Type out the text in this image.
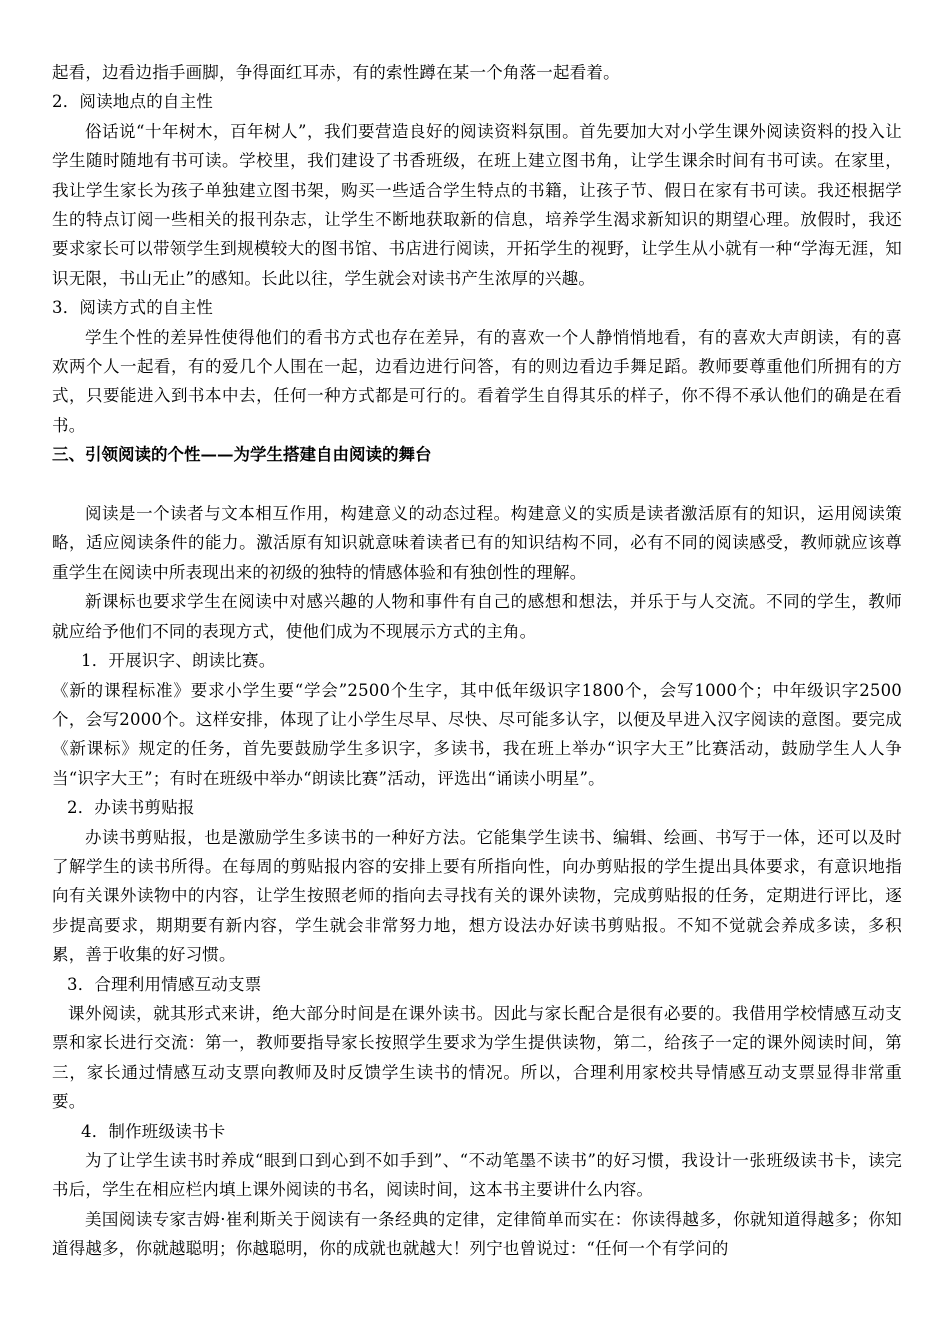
起看，边看边指手画脚，争得面红耳赤，有的索性蹲在某一个角落一起看着。

2．阅读地点的自主性

俗话说“十年树木，百年树人”，我们要营造良好的阅读资料氛围。首先要加大对小学生课外阅读资料的投入让学生随时随地有书可读。学校里，我们建设了书香班级，在班上建立图书角，让学生课余时间有书可读。在家里，我让学生家长为孩子单独建立图书架，购买一些适合学生特点的书籍，让孩子节、假日在家有书可读。我还根据学生的特点订阅一些相关的报刊杂志，让学生不断地获取新的信息，培养学生渴求新知识的期望心理。放假时，我还要求家长可以带领学生到规模较大的图书馆、书店进行阅读，开拓学生的视野，让学生从小就有一种“学海无涯，知识无限，书山无止”的感知。长此以往，学生就会对读书产生浓厚的兴趣。

3．阅读方式的自主性

学生个性的差异性使得他们的看书方式也存在差异，有的喜欢一个人静悄悄地看，有的喜欢大声朗读，有的喜欢两个人一起看，有的爱几个人围在一起，边看边进行问答，有的则边看边手舞足蹈。教师要尊重他们所拥有的方式，只要能进入到书本中去，任何一种方式都是可行的。看着学生自得其乐的样子，你不得不承认他们的确是在看书。

三、引领阅读的个性——为学生搭建自由阅读的舞台

阅读是一个读者与文本相互作用，构建意义的动态过程。构建意义的实质是读者激活原有的知识，运用阅读策略，适应阅读条件的能力。激活原有知识就意味着读者已有的知识结构不同，必有不同的阅读感受，教师就应该尊重学生在阅读中所表现出来的初级的独特的情感体验和有独创性的理解。

新课标也要求学生在阅读中对感兴趣的人物和事件有自己的感想和想法，并乐于与人交流。不同的学生，教师就应给予他们不同的表现方式，使他们成为不现展示方式的主角。

1．开展识字、朗读比赛。

《新的课程标准》要求小学生要“学会”2500个生字，其中低年级识字1800个，会写1000个；中年级识字2500个，会写2000个。这样安排，体现了让小学生尽早、尽快、尽可能多认字，以便及早进入汉字阅读的意图。要完成《新课标》规定的任务，首先要鼓励学生多识字，多读书，我在班上举办“识字大王”比赛活动，鼓励学生人人争当“识字大王”；有时在班级中举办“朗读比赛”活动，评选出“诵读小明星”。

2．办读书剪贴报

办读书剪贴报，也是激励学生多读书的一种好方法。它能集学生读书、编辑、绘画、书写于一体，还可以及时了解学生的读书所得。在每周的剪贴报内容的安排上要有所指向性，向办剪贴报的学生提出具体要求，有意识地指向有关课外读物中的内容，让学生按照老师的指向去寻找有关的课外读物，完成剪贴报的任务，定期进行评比，逐步提高要求，期期要有新内容，学生就会非常努力地，想方设法办好读书剪贴报。不知不觉就会养成多读，多积累，善于收集的好习惯。

3．合理利用情感互动支票

课外阅读，就其形式来讲，绝大部分时间是在课外读书。因此与家长配合是很有必要的。我借用学校情感互动支票和家长进行交流：第一，教师要指导家长按照学生要求为学生提供读物，第二，给孩子一定的课外阅读时间，第三，家长通过情感互动支票向教师及时反馈学生读书的情况。所以，合理利用家校共导情感互动支票显得非常重要。

4．制作班级读书卡

为了让学生读书时养成“眼到口到心到不如手到”、“不动笔墨不读书”的好习惯，我设计一张班级读书卡，读完书后，学生在相应栏内填上课外阅读的书名，阅读时间，这本书主要讲什么内容。

美国阅读专家吉姆·崔利斯关于阅读有一条经典的定律，定律简单而实在：你读得越多，你就知道得越多；你知道得越多，你就越聪明；你越聪明，你的成就也就越大！列宁也曾说过：“任何一个有学问的
